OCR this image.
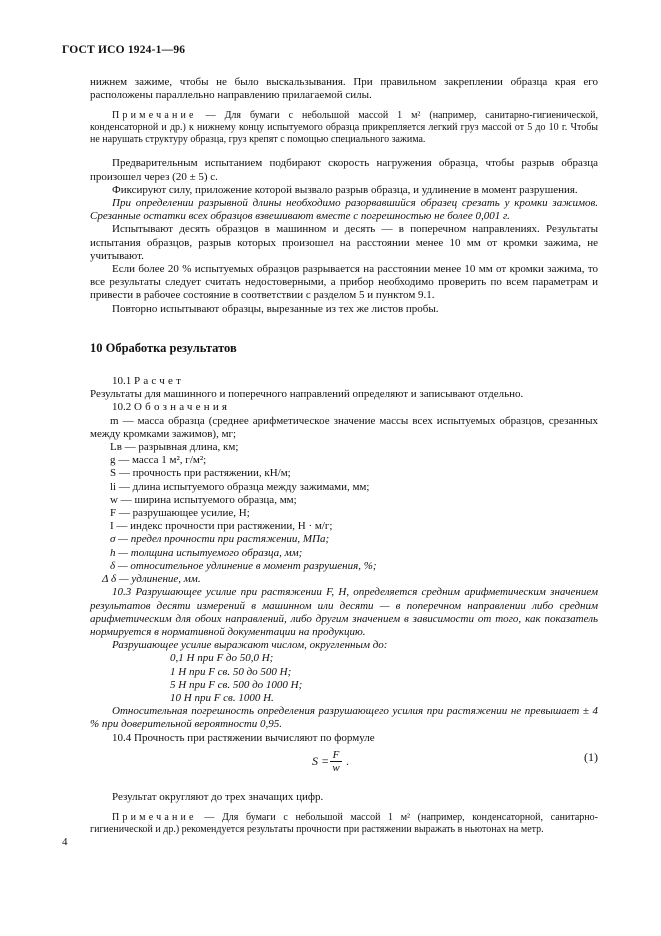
ГОСТ ИСО 1924-1—96

нижнем зажиме, чтобы не было выскальзывания. При правильном закреплении образца края его расположены параллельно направлению прилагаемой силы.

Примечание — Для бумаги с небольшой массой 1 м² (например, санитарно-гигиенической, конденсаторной и др.) к нижнему концу испытуемого образца прикрепляется легкий груз массой от 5 до 10 г. Чтобы не нарушать структуру образца, груз крепят с помощью специального зажима.

Предварительным испытанием подбирают скорость нагружения образца, чтобы разрыв образца произошел через (20 ± 5) с.

Фиксируют силу, приложение которой вызвало разрыв образца, и удлинение в момент разрушения.

При определении разрывной длины необходимо разорвавшийся образец срезать у кромки зажимов. Срезанные остатки всех образцов взвешивают вместе с погрешностью не более 0,001 г.

Испытывают десять образцов в машинном и десять — в поперечном направлениях. Результаты испытания образцов, разрыв которых произошел на расстоянии менее 10 мм от кромки зажима, не учитывают.

Если более 20 % испытуемых образцов разрывается на расстоянии менее 10 мм от кромки зажима, то все результаты следует считать недостоверными, а прибор необходимо проверить по всем параметрам и привести в рабочее состояние в соответствии с разделом 5 и пунктом 9.1.

Повторно испытывают образцы, вырезанные из тех же листов пробы.

10 Обработка результатов

10.1 Расчет

Результаты для машинного и поперечного направлений определяют и записывают отдельно.

10.2 Обозначения

m — масса образца (среднее арифметическое значение массы всех испытуемых образцов, срезанных между кромками зажимов), мг;

Lв — разрывная длина, км;

g — масса 1 м², г/м²;

S — прочность при растяжении, кН/м;

li — длина испытуемого образца между зажимами, мм;

w — ширина испытуемого образца, мм;

F — разрушающее усилие, Н;

I — индекс прочности при растяжении, Н · м/г;

σ — предел прочности при растяжении, МПа;

h — толщина испытуемого образца, мм;

δ — относительное удлинение в момент разрушения, %;

Δ δ — удлинение, мм.

10.3 Разрушающее усилие при растяжении F, Н, определяется средним арифметическим значением результатов десяти измерений в машинном или десяти — в поперечном направлении либо средним арифметическим для обоих направлений, либо другим значением в зависимости от того, как показатель нормируется в нормативной документации на продукцию.

Разрушающее усилие выражают числом, округленным до:

0,1 Н при F до 50,0 Н;

1 Н при F св. 50 до 500 Н;

5 Н при F св. 500 до 1000 Н;

10 Н при F св. 1000 Н.

Относительная погрешность определения разрушающего усилия при растяжении не превышает ± 4 % при доверительной вероятности 0,95.

10.4 Прочность при растяжении вычисляют по формуле

$S = \frac{F}{w}$ .	(1)

Результат округляют до трех значащих цифр.

Примечание — Для бумаги с небольшой массой 1 м² (например, конденсаторной, санитарно-гигиенической и др.) рекомендуется результаты прочности при растяжении выражать в ньютонах на метр.

4
